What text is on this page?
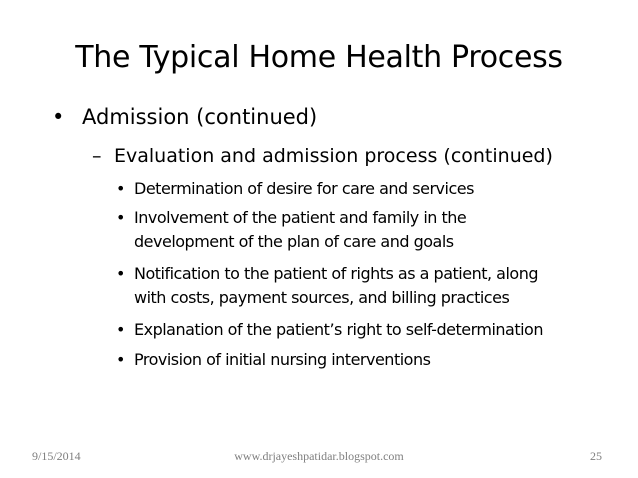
The Typical Home Health Process
• Admission (continued)
– Evaluation and admission process (continued)
• Determination of desire for care and services
• Involvement of the patient and family in the
development of the plan of care and goals
• Notification to the patient of rights as a patient, along
with costs, payment sources, and billing practices
• Explanation of the patient’s right to self-determination
• Provision of initial nursing interventions
9/15/2014	www.drjayeshpatidar.blogspot.com	25
